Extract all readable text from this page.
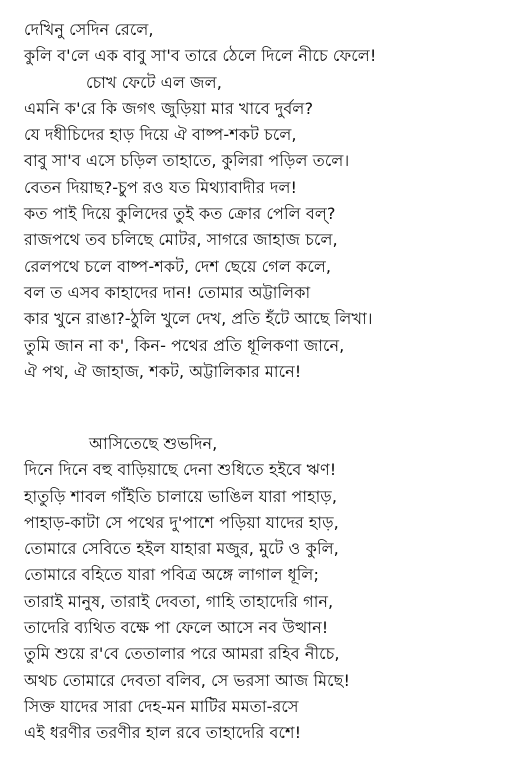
দেখিনু সেদিন রেলে,
কুলি ব'লে এক বাবু সা'ব তারে ঠেলে দিলে নীচে ফেলে!
চোখ ফেটে এল জল,
এমনি ক'রে কি জগৎ জুড়িয়া মার খাবে দুর্বল?
যে দধীচিদের হাড় দিয়ে ঐ বাষ্প-শকট চলে,
বাবু সা'ব এসে চড়িল তাহাতে, কুলিরা পড়িল তলে।
বেতন দিয়াছ?-চুপ রও যত মিথ্যাবাদীর দল!
কত পাই দিয়ে কুলিদের তুই কত ক্রোর পেলি বল্?
রাজপথে তব চলিছে মোটর, সাগরে জাহাজ চলে,
রেলপথে চলে বাষ্প-শকট, দেশ ছেয়ে গেল কলে,
বল ত এসব কাহাদের দান! তোমার অট্টালিকা
কার খুনে রাঙা?-ঠুলি খুলে দেখ, প্রতি হঁটে আছে লিখা।
তুমি জান না ক', কিন- পথের প্রতি ধূলিকণা জানে,
ঐ পথ, ঐ জাহাজ, শকট, অট্টালিকার মানে!
আসিতেছে শুভদিন,
দিনে দিনে বহু বাড়িয়াছে দেনা শুধিতে হইবে ঋণ!
হাতুড়ি শাবল গাঁইতি চালায়ে ভাঙিল যারা পাহাড়,
পাহাড়-কাটা সে পথের দু'পাশে পড়িয়া যাদের হাড়,
তোমারে সেবিতে হইল যাহারা মজুর, মুটে ও কুলি,
তোমারে বহিতে যারা পবিত্র অঙ্গে লাগাল ধূলি;
তারাই মানুষ, তারাই দেবতা, গাহি তাহাদেরি গান,
তাদেরি ব্যথিত বক্ষে পা ফেলে আসে নব উত্থান!
তুমি শুয়ে র'বে তেতালার পরে আমরা রহিব নীচে,
অথচ তোমারে দেবতা বলিব, সে ভরসা আজ মিছে!
সিক্ত যাদের সারা দেহ-মন মাটির মমতা-রসে
এই ধরণীর তরণীর হাল রবে তাহাদেরি বশে!
